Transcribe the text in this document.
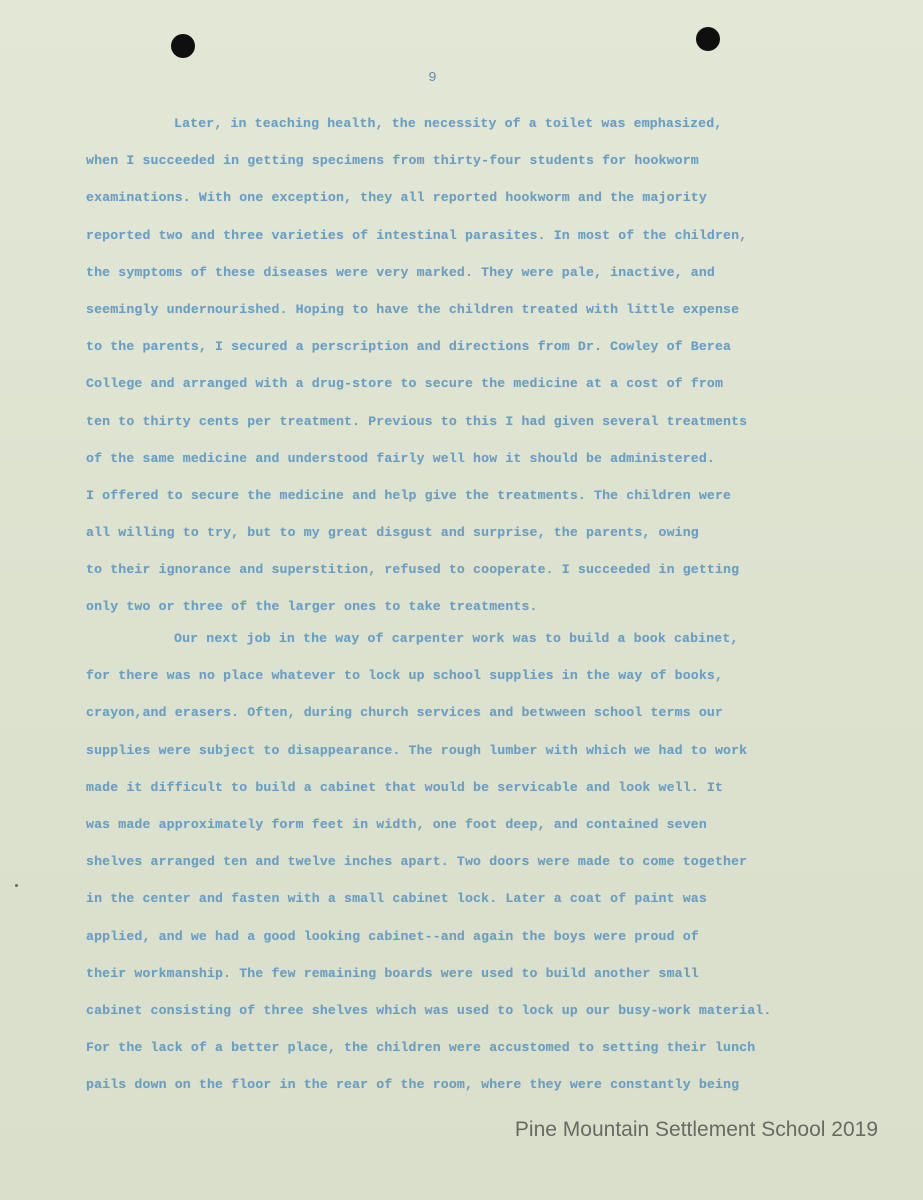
9
Later, in teaching health, the necessity of a toilet was emphasized,
when I succeeded in getting specimens from thirty-four students for hookworm
examinations. With one exception, they all reported hookworm and the majority
reported two and three varieties of intestinal parasites. In most of the children,
the symptoms of these diseases were very marked. They were pale, inactive, and
seemingly undernourished. Hoping to have the children treated with little expense
to the parents, I secured a perscription and directions from Dr. Cowley of Berea
College and arranged with a drug-store to secure the medicine at a cost of from
ten to thirty cents per treatment. Previous to this I had given several treatments
of the same medicine and understood fairly well how it should be administered.
I offered to secure the medicine and help give the treatments. The children were
all willing to try, but to my great disgust and surprise, the parents, owing
to their ignorance and superstition, refused to cooperate. I succeeded in getting
only two or three of the larger ones to take treatments.
Our next job in the way of carpenter work was to build a book cabinet,
for there was no place whatever to lock up school supplies in the way of books,
crayon,and erasers. Often, during church services and betwween school terms our
supplies were subject to disappearance. The rough lumber with which we had to work
made it difficult to build a cabinet that would be servicable and look well. It
was made approximately form feet in width, one foot deep, and contained seven
shelves arranged ten and twelve inches apart. Two doors were made to come together
in the center and fasten with a small cabinet lock. Later a coat of paint was
applied, and we had a good looking cabinet--and again the boys were proud of
their workmanship. The few remaining boards were used to build another small
cabinet consisting of three shelves which was used to lock up our busy-work material.
For the lack of a better place, the children were accustomed to setting their lunch
pails down on the floor in the rear of the room, where they were constantly being
Pine Mountain Settlement School 2019
